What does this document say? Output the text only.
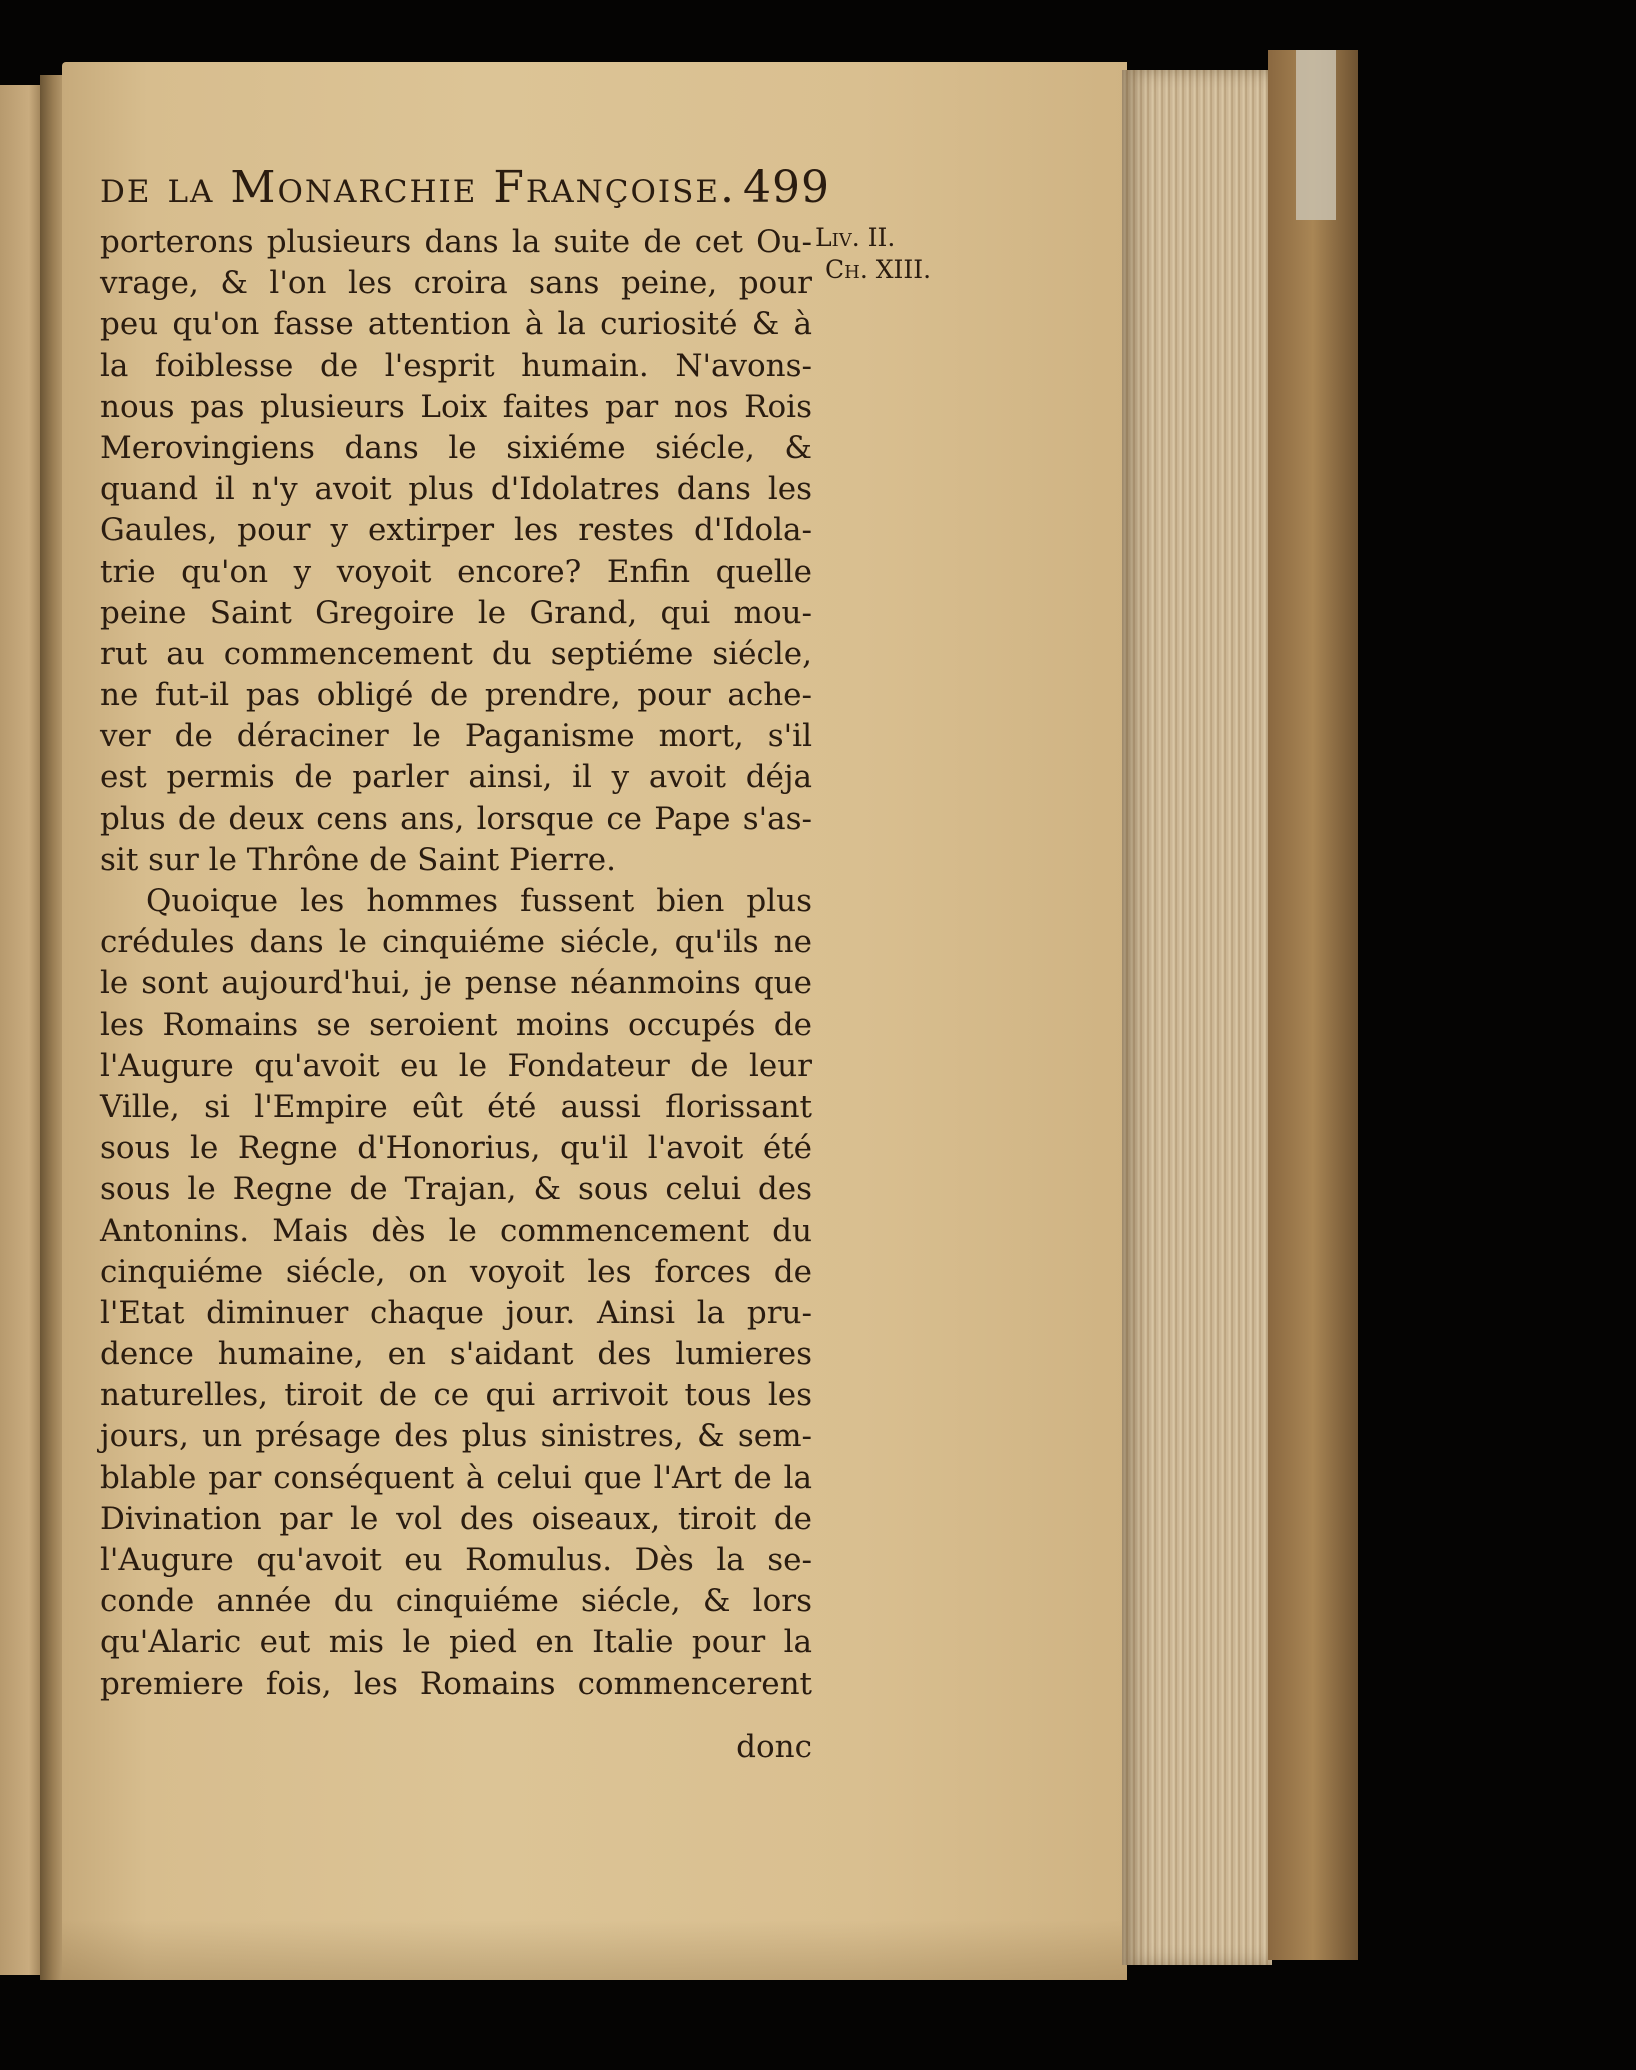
de la Monarchie Françoise. 499
Liv. II.
Ch. XIII.
porterons plusieurs dans la suite de cet Ou-
vrage, & l'on les croira sans peine, pour
peu qu'on fasse attention à la curiosité & à
la foiblesse de l'esprit humain. N'avons-
nous pas plusieurs Loix faites par nos Rois
Merovingiens dans le sixiéme siécle, &
quand il n'y avoit plus d'Idolatres dans les
Gaules, pour y extirper les restes d'Idola-
trie qu'on y voyoit encore? Enfin quelle
peine Saint Gregoire le Grand, qui mou-
rut au commencement du septiéme siécle,
ne fut-il pas obligé de prendre, pour ache-
ver de déraciner le Paganisme mort, s'il
est permis de parler ainsi, il y avoit déja
plus de deux cens ans, lorsque ce Pape s'as-
sit sur le Thrône de Saint Pierre.
Quoique les hommes fussent bien plus
crédules dans le cinquiéme siécle, qu'ils ne
le sont aujourd'hui, je pense néanmoins que
les Romains se seroient moins occupés de
l'Augure qu'avoit eu le Fondateur de leur
Ville, si l'Empire eût été aussi florissant
sous le Regne d'Honorius, qu'il l'avoit été
sous le Regne de Trajan, & sous celui des
Antonins. Mais dès le commencement du
cinquiéme siécle, on voyoit les forces de
l'Etat diminuer chaque jour. Ainsi la pru-
dence humaine, en s'aidant des lumieres
naturelles, tiroit de ce qui arrivoit tous les
jours, un présage des plus sinistres, & sem-
blable par conséquent à celui que l'Art de la
Divination par le vol des oiseaux, tiroit de
l'Augure qu'avoit eu Romulus. Dès la se-
conde année du cinquiéme siécle, & lors
qu'Alaric eut mis le pied en Italie pour la
premiere fois, les Romains commencerent
donc
